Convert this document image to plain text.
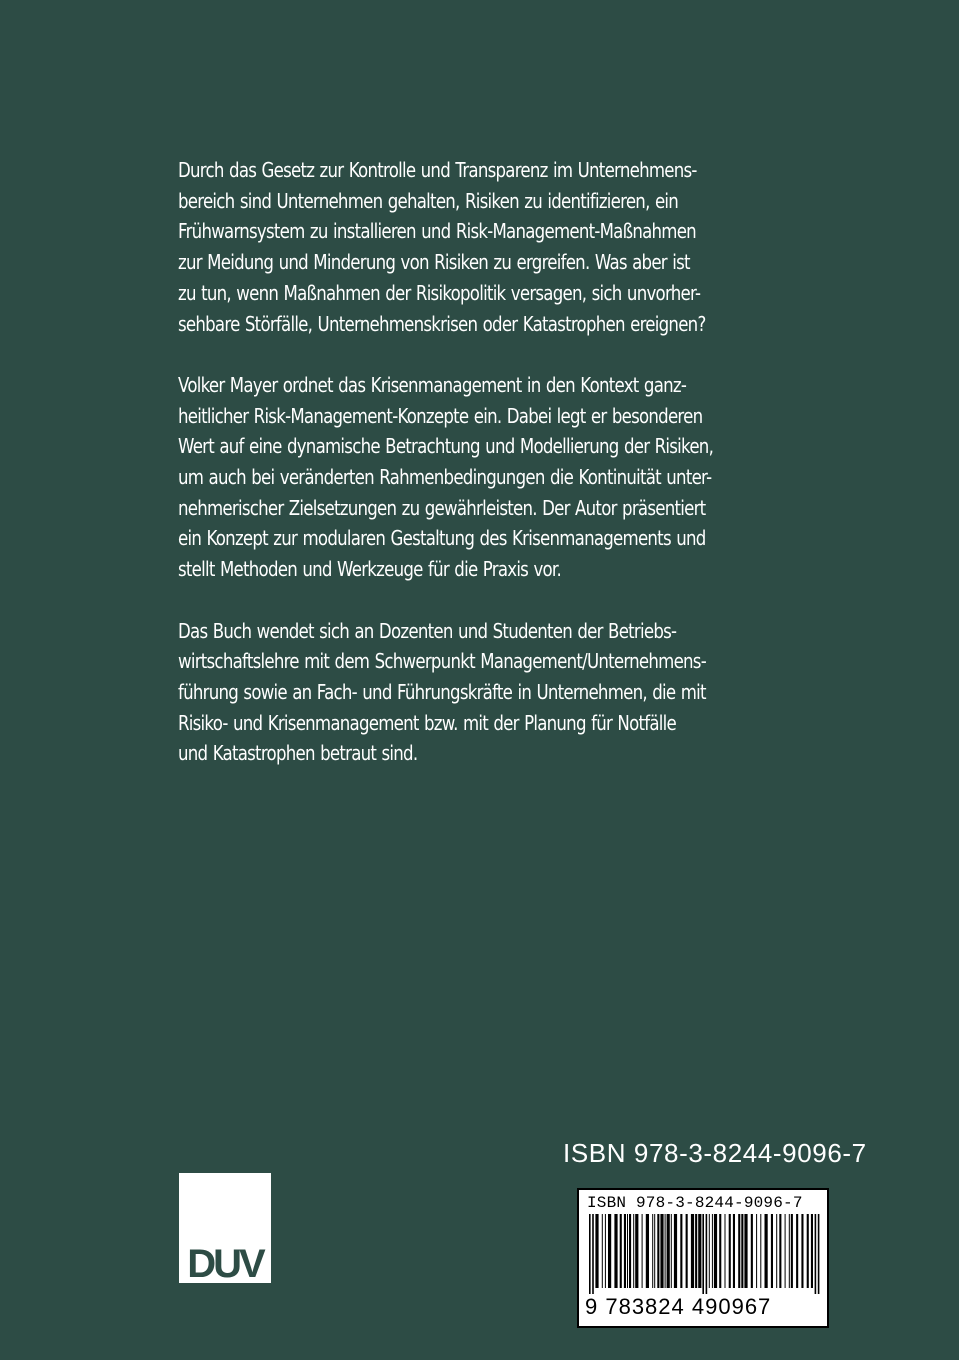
Durch das Gesetz zur Kontrolle und Transparenz im Unternehmens-
bereich sind Unternehmen gehalten, Risiken zu identifizieren, ein
Frühwarnsystem zu installieren und Risk-Management-Maßnahmen
zur Meidung und Minderung von Risiken zu ergreifen. Was aber ist
zu tun, wenn Maßnahmen der Risikopolitik versagen, sich unvorher-
sehbare Störfälle, Unternehmenskrisen oder Katastrophen ereignen?
Volker Mayer ordnet das Krisenmanagement in den Kontext ganz-
heitlicher Risk-Management-Konzepte ein. Dabei legt er besonderen
Wert auf eine dynamische Betrachtung und Modellierung der Risiken,
um auch bei veränderten Rahmenbedingungen die Kontinuität unter-
nehmerischer Zielsetzungen zu gewährleisten. Der Autor präsentiert
ein Konzept zur modularen Gestaltung des Krisenmanagements und
stellt Methoden und Werkzeuge für die Praxis vor.
Das Buch wendet sich an Dozenten und Studenten der Betriebs-
wirtschaftslehre mit dem Schwerpunkt Management/Unternehmens-
führung sowie an Fach- und Führungskräfte in Unternehmen, die mit
Risiko- und Krisenmanagement bzw. mit der Planung für Notfälle
und Katastrophen betraut sind.
ISBN 978-3-8244-9096-7
DUV
ISBN 978-3-8244-9096-7
9 783824 490967
